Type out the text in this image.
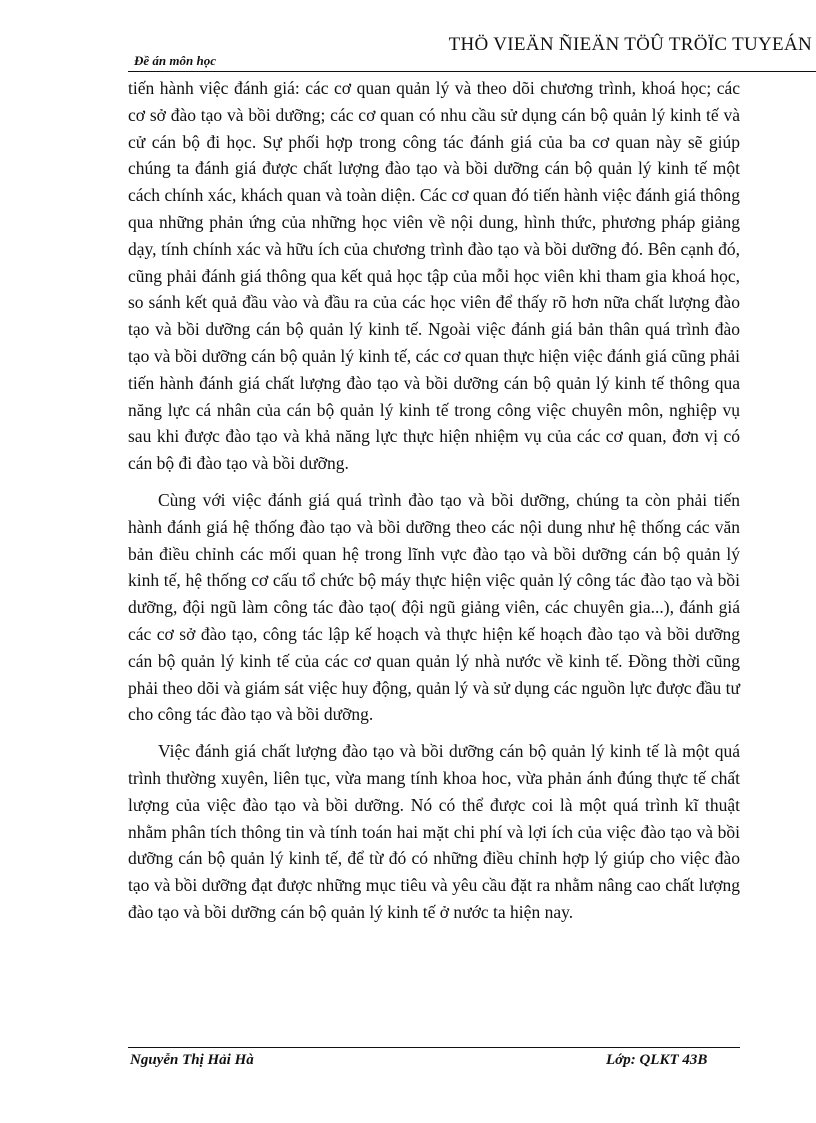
THÖ VIEÄN ÑIEÄN TÖÛ TRÖÏC TUYEÁN
Đề án môn học

tiến hành việc đánh giá: các cơ quan quản lý và theo dõi chương trình, khoá học; các cơ sở đào tạo và bồi dưỡng; các cơ quan có nhu cầu sử dụng cán bộ quản lý kinh tế và cử cán bộ đi học. Sự phối hợp trong công tác đánh giá của ba cơ quan này sẽ giúp chúng ta đánh giá được chất lượng đào tạo và bồi dưỡng cán bộ quản lý kinh tế một cách chính xác, khách quan và toàn diện. Các cơ quan đó tiến hành việc đánh giá thông qua những phản ứng của những học viên về nội dung, hình thức, phương pháp giảng dạy, tính chính xác và hữu ích của chương trình đào tạo và bồi dưỡng đó. Bên cạnh đó, cũng phải đánh giá thông qua kết quả học tập của mỗi học viên khi tham gia khoá học, so sánh kết quả đầu vào và đầu ra của các học viên để thấy rõ hơn nữa chất lượng đào tạo và bồi dưỡng cán bộ quản lý kinh tế. Ngoài việc đánh giá bản thân quá trình đào tạo và bồi dưỡng cán bộ quản lý kinh tế, các cơ quan thực hiện việc đánh giá cũng phải tiến hành đánh giá chất lượng đào tạo và bồi dưỡng cán bộ quản lý kinh tế thông qua năng lực cá nhân của cán bộ quản lý kinh tế trong công việc chuyên môn, nghiệp vụ sau khi được đào tạo và khả năng lực thực hiện nhiệm vụ của các cơ quan, đơn vị có cán bộ đi đào tạo và bồi dưỡng.

Cùng với việc đánh giá quá trình đào tạo và bồi dưỡng, chúng ta còn phải tiến hành đánh giá hệ thống đào tạo và bồi dưỡng theo các nội dung như hệ thống các văn bản điều chỉnh các mối quan hệ trong lĩnh vực đào tạo và bồi dưỡng cán bộ quản lý kinh tế, hệ thống cơ cấu tổ chức bộ máy thực hiện việc quản lý công tác đào tạo và bồi dưỡng, đội ngũ làm công tác đào tạo( đội ngũ giảng viên, các chuyên gia...), đánh giá các cơ sở đào tạo, công tác lập kế hoạch và thực hiện kế hoạch đào tạo và bồi dưỡng cán bộ quản lý kinh tế của các cơ quan quản lý nhà nước về kinh tế. Đồng thời cũng phải theo dõi và giám sát việc huy động, quản lý và sử dụng các nguồn lực được đầu tư cho công tác đào tạo và bồi dưỡng.

Việc đánh giá chất lượng đào tạo và bồi dưỡng cán bộ quản lý kinh tế là một quá trình thường xuyên, liên tục, vừa mang tính khoa hoc, vừa phản ánh đúng thực tế chất lượng của việc đào tạo và bồi dưỡng. Nó có thể được coi là một quá trình kĩ thuật nhằm phân tích thông tin và tính toán hai mặt chi phí và lợi ích của việc đào tạo và bồi dưỡng cán bộ quản lý kinh tế, để từ đó có những điều chỉnh hợp lý giúp cho việc đào tạo và bồi dưỡng đạt được những mục tiêu và yêu cầu đặt ra nhằm nâng cao chất lượng đào tạo và bồi dưỡng cán bộ quản lý kinh tế ở nước ta hiện nay.

Nguyễn Thị Hải Hà	Lớp: QLKT 43B
